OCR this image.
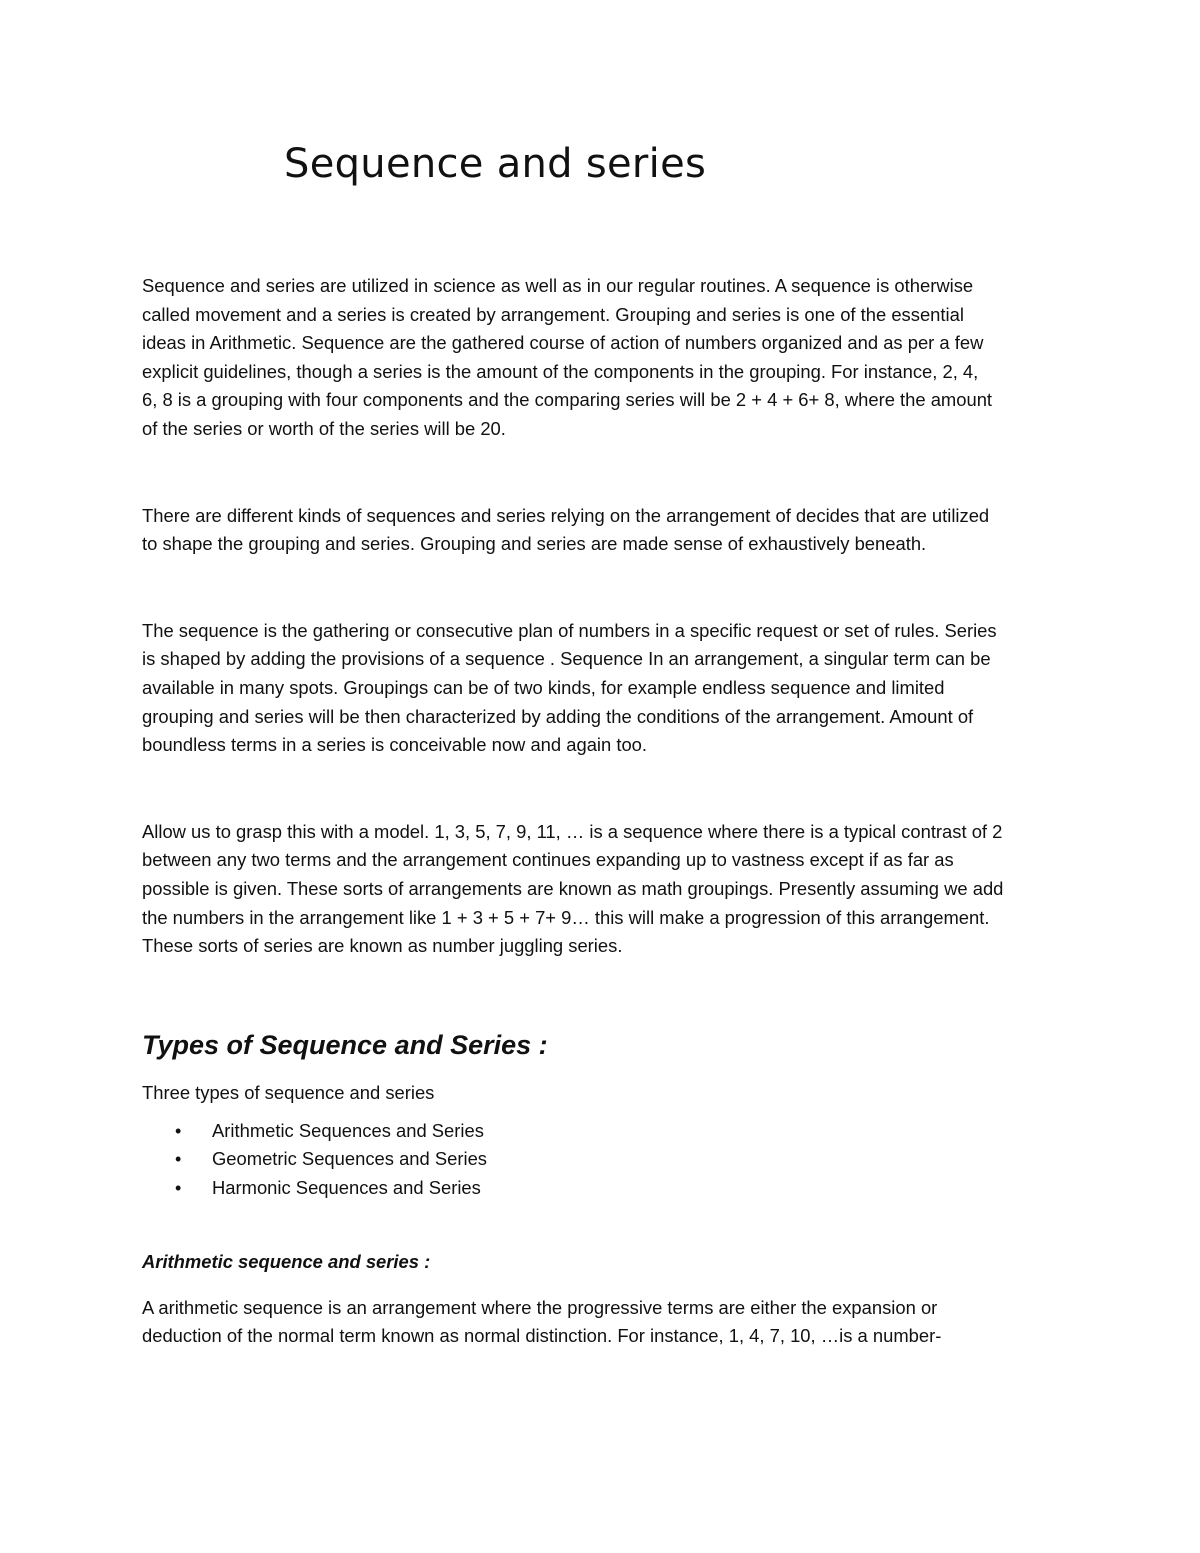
Sequence and series

Sequence and series are utilized in science as well as in our regular routines. A sequence is otherwise
called movement and a series is created by arrangement. Grouping and series is one of the essential
ideas in Arithmetic. Sequence are the gathered course of action of numbers organized and as per a few
explicit guidelines, though a series is the amount of the components in the grouping. For instance, 2, 4,
6, 8 is a grouping with four components and the comparing series will be 2 + 4 + 6+ 8, where the amount
of the series or worth of the series will be 20.

There are different kinds of sequences and series relying on the arrangement of decides that are utilized
to shape the grouping and series. Grouping and series are made sense of exhaustively beneath.

The sequence is the gathering or consecutive plan of numbers in a specific request or set of rules. Series
is shaped by adding the provisions of a sequence . Sequence In an arrangement, a singular term can be
available in many spots. Groupings can be of two kinds, for example endless sequence and limited
grouping and series will be then characterized by adding the conditions of the arrangement. Amount of
boundless terms in a series is conceivable now and again too.

Allow us to grasp this with a model. 1, 3, 5, 7, 9, 11, … is a sequence where there is a typical contrast of 2
between any two terms and the arrangement continues expanding up to vastness except if as far as
possible is given. These sorts of arrangements are known as math groupings. Presently assuming we add
the numbers in the arrangement like 1 + 3 + 5 + 7+ 9… this will make a progression of this arrangement.
These sorts of series are known as number juggling series.

Types of Sequence and Series :

Three types of sequence and series

• Arithmetic Sequences and Series
• Geometric Sequences and Series
• Harmonic Sequences and Series

Arithmetic sequence and series :

A arithmetic sequence is an arrangement where the progressive terms are either the expansion or
deduction of the normal term known as normal distinction. For instance, 1, 4, 7, 10, …is a number-
